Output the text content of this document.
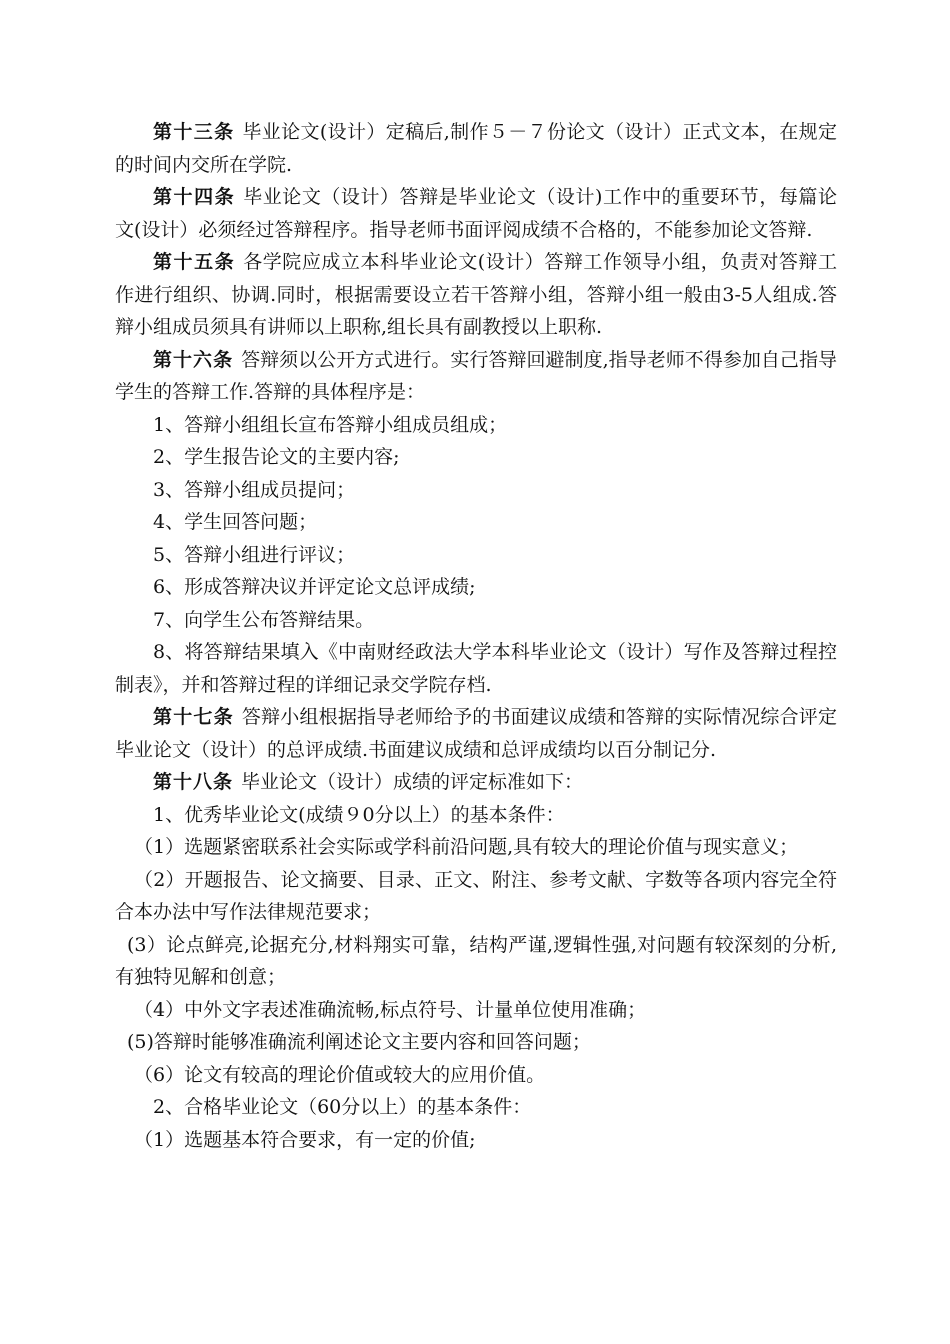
第十三条 毕业论文(设计）定稿后,制作５－７份论文（设计）正式文本，在规定的时间内交所在学院.

第十四条 毕业论文（设计）答辩是毕业论文（设计)工作中的重要环节，每篇论文(设计）必须经过答辩程序。指导老师书面评阅成绩不合格的，不能参加论文答辩.

第十五条 各学院应成立本科毕业论文(设计）答辩工作领导小组，负责对答辩工作进行组织、协调.同时，根据需要设立若干答辩小组，答辩小组一般由3-5人组成.答辩小组成员须具有讲师以上职称,组长具有副教授以上职称.

第十六条 答辩须以公开方式进行。实行答辩回避制度,指导老师不得参加自己指导学生的答辩工作.答辩的具体程序是：

1、答辩小组组长宣布答辩小组成员组成；

2、学生报告论文的主要内容;

3、答辩小组成员提问；

4、学生回答问题；

5、答辩小组进行评议；

6、形成答辩决议并评定论文总评成绩;

7、向学生公布答辩结果。

8、将答辩结果填入《中南财经政法大学本科毕业论文（设计）写作及答辩过程控制表》，并和答辩过程的详细记录交学院存档.

第十七条 答辩小组根据指导老师给予的书面建议成绩和答辩的实际情况综合评定毕业论文（设计）的总评成绩.书面建议成绩和总评成绩均以百分制记分.

第十八条 毕业论文（设计）成绩的评定标准如下：

1、优秀毕业论文(成绩９0分以上）的基本条件：

（1）选题紧密联系社会实际或学科前沿问题,具有较大的理论价值与现实意义；

（2）开题报告、论文摘要、目录、正文、附注、参考文献、字数等各项内容完全符合本办法中写作法律规范要求；

(3）论点鲜亮,论据充分,材料翔实可靠，结构严谨,逻辑性强,对问题有较深刻的分析,有独特见解和创意；

（4）中外文字表述准确流畅,标点符号、计量单位使用准确；

(5)答辩时能够准确流利阐述论文主要内容和回答问题；

（6）论文有较高的理论价值或较大的应用价值。

2、合格毕业论文（60分以上）的基本条件：

（1）选题基本符合要求，有一定的价值;
